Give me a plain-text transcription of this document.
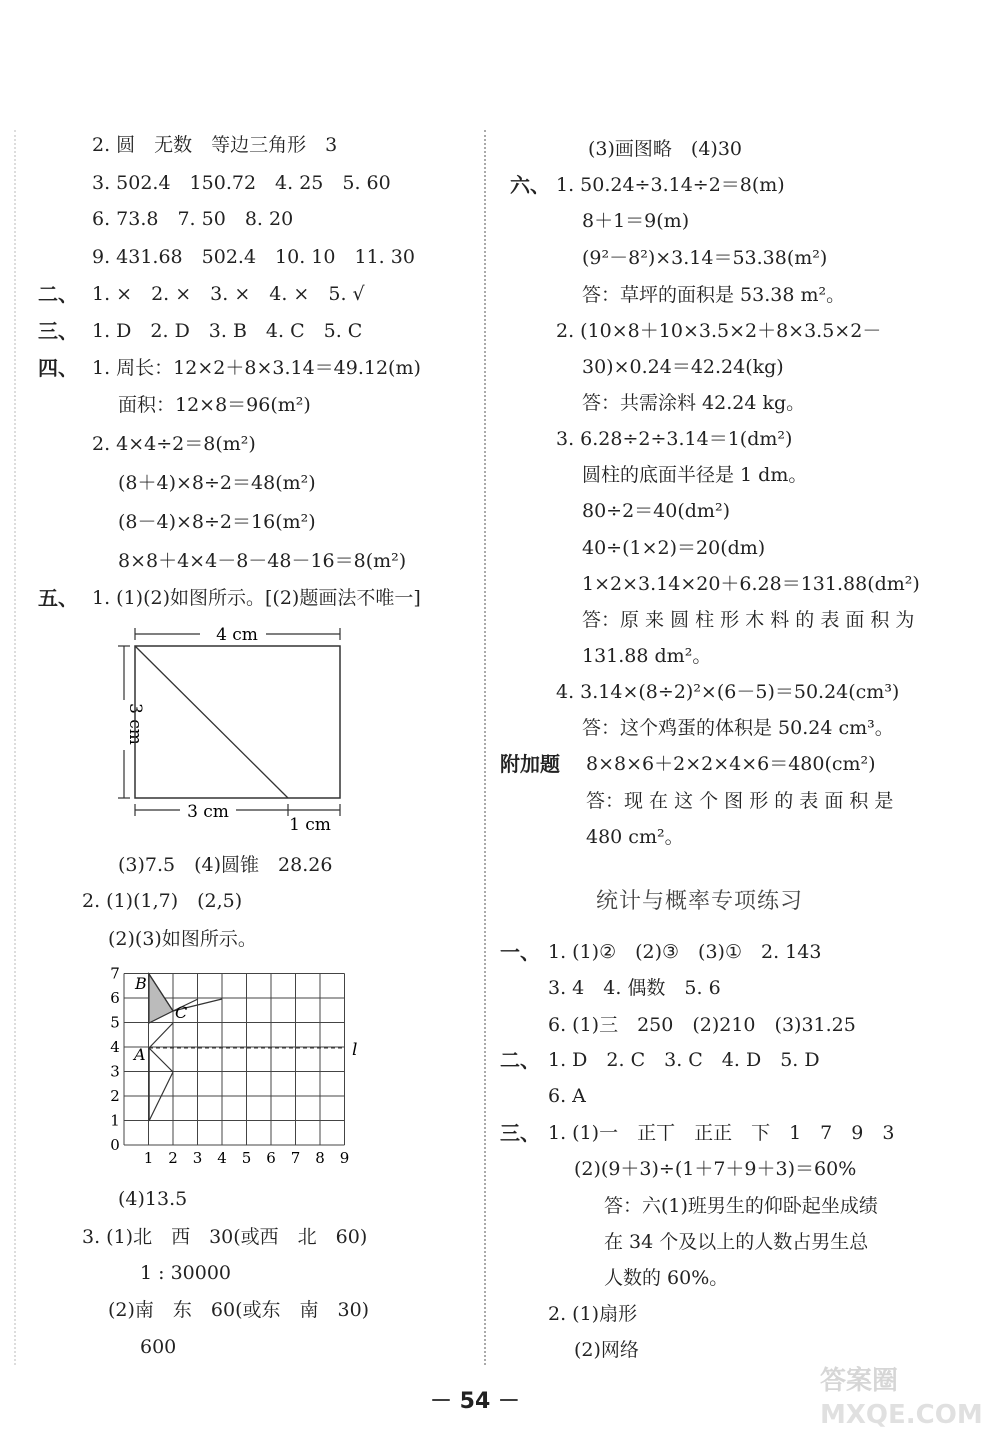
2. 圆　无数　等边三角形　3
3. 502.4　150.72　4. 25　5. 60
6. 73.8　7. 50　8. 20
9. 431.68　502.4　10. 10　11. 30
二、 1. ×　2. ×　3. ×　4. ×　5. √
三、 1. D　2. D　3. B　4. C　5. C
四、 1. 周长：12×2＋8×3.14＝49.12(m)
面积：12×8＝96(m²)
2. 4×4÷2＝8(m²)
(8＋4)×8÷2＝48(m²)
(8－4)×8÷2＝16(m²)
8×8＋4×4－8－48－16＝8(m²)
五、 1. (1)(2)如图所示。[(2)题画法不唯一]
4 cm
3 cm
3 cm
1 cm
(3)7.5　(4)圆锥　28.26
2. (1)(1,7)　(2,5)
(2)(3)如图所示。
B
C
A	l
1 2 3 4 5 6 7 8 9
0
1
2
3
4
5
6
7
(4)13.5
3. (1)北　西　30(或西　北　60)
1 : 30000
(2)南　东　60(或东　南　30)
600
(3)画图略　(4)30
六、 1. 50.24÷3.14÷2＝8(m)
8＋1＝9(m)
(9²－8²)×3.14＝53.38(m²)
答：草坪的面积是 53.38 m²。
2. (10×8＋10×3.5×2＋8×3.5×2－
30)×0.24＝42.24(kg)
答：共需涂料 42.24 kg。
3. 6.28÷2÷3.14＝1(dm²)
圆柱的底面半径是 1 dm。
80÷2＝40(dm²)
40÷(1×2)＝20(dm)
1×2×3.14×20＋6.28＝131.88(dm²)
答：原 来 圆 柱 形 木 料 的 表 面 积 为
131.88 dm²。
4. 3.14×(8÷2)²×(6－5)＝50.24(cm³)
答：这个鸡蛋的体积是 50.24 cm³。
附加题 8×8×6＋2×2×4×6＝480(cm²)
答：现 在 这 个 图 形 的 表 面 积 是
480 cm²。
统计与概率专项练习
一、 1. (1)②　(2)③　(3)①　2. 143
3. 4　4. 偶数　5. 6
6. (1)三　250　(2)210　(3)31.25
二、 1. D　2. C　3. C　4. D　5. D
6. A
三、 1. (1)一　正丅　正正　下　1　7　9　3
(2)(9＋3)÷(1＋7＋9＋3)＝60%
答：六(1)班男生的仰卧起坐成绩
在 34 个及以上的人数占男生总
人数的 60%。
2. (1)扇形
(2)网络
－ 54 －
答案圈
MXQE.COM
